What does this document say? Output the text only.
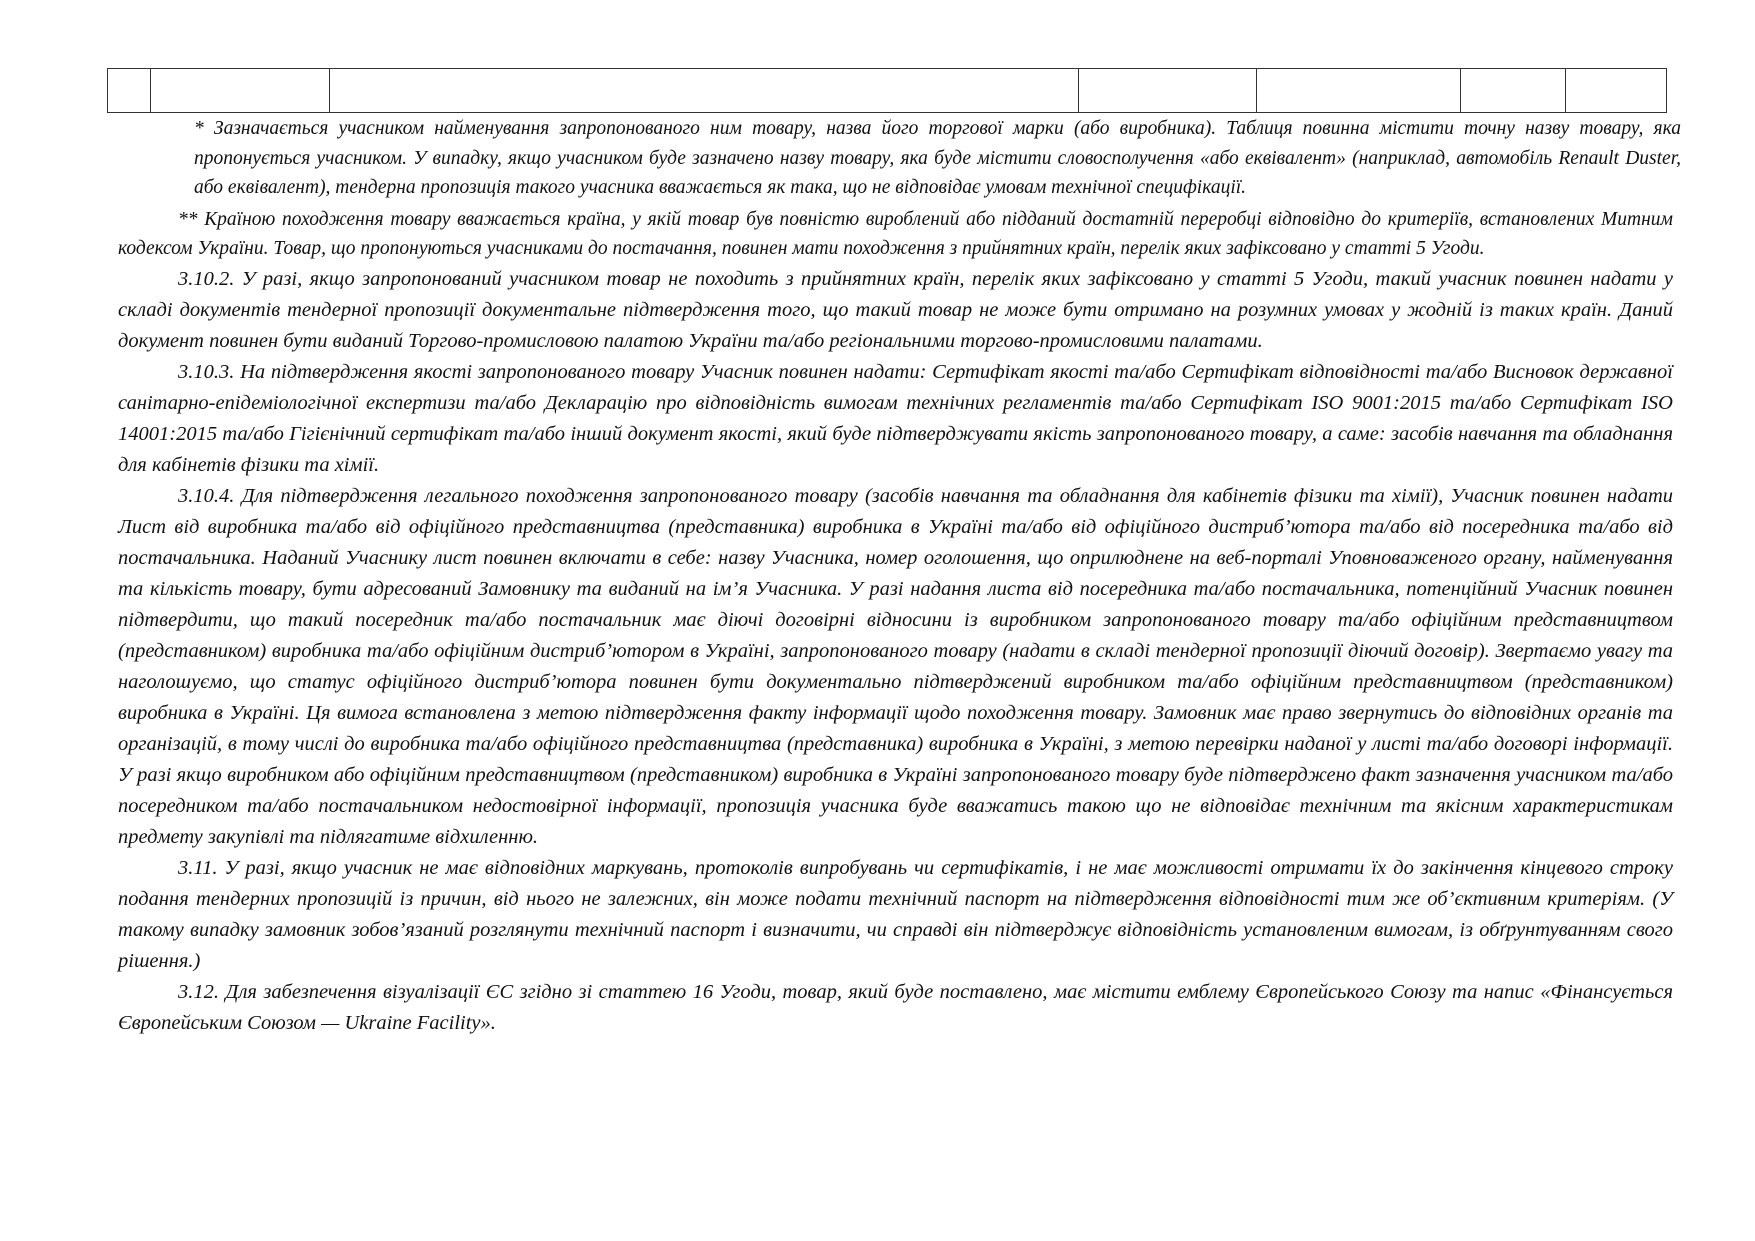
* Зазначається учасником найменування запропонованого ним товару, назва його торгової марки (або виробника). Таблиця повинна містити точну назву товару, яка пропонується учасником. У випадку, якщо учасником буде зазначено назву товару, яка буде містити словосполучення «або еквівалент» (наприклад, автомобіль Renault Duster, або еквівалент), тендерна пропозиція такого учасника вважається як така, що не відповідає умовам технічної специфікації.

** Країною походження товару вважається країна, у якій товар був повністю вироблений або підданий достатній переробці відповідно до критеріїв, встановлених Митним кодексом України. Товар, що пропонуються учасниками до постачання, повинен мати походження з прийнятних країн, перелік яких зафіксовано у статті 5 Угоди.

3.10.2. У разі, якщо запропонований учасником товар не походить з прийнятних країн, перелік яких зафіксовано у статті 5 Угоди, такий учасник повинен надати у складі документів тендерної пропозиції документальне підтвердження того, що такий товар не може бути отримано на розумних умовах у жодній із таких країн. Даний документ повинен бути виданий Торгово-промисловою палатою України та/або регіональними торгово-промисловими палатами.

3.10.3. На підтвердження якості запропонованого товару Учасник повинен надати: Сертифікат якості та/або Сертифікат відповідності та/або Висновок державної санітарно-епідеміологічної експертизи та/або Декларацію про відповідність вимогам технічних регламентів та/або Сертифікат ISO 9001:2015 та/або Сертифікат ISO 14001:2015 та/або Гігієнічний сертифікат та/або інший документ якості, який буде підтверджувати якість запропонованого товару, а саме: засобів навчання та обладнання для кабінетів фізики та хімії.

3.10.4. Для підтвердження легального походження запропонованого товару (засобів навчання та обладнання для кабінетів фізики та хімії), Учасник повинен надати Лист від виробника та/або від офіційного представництва (представника) виробника в Україні та/або від офіційного дистриб’ютора та/або від посередника та/або від постачальника. Наданий Учаснику лист повинен включати в себе: назву Учасника, номер оголошення, що оприлюднене на веб-порталі Уповноваженого органу, найменування та кількість товару, бути адресований Замовнику та виданий на ім’я Учасника. У разі надання листа від посередника та/або постачальника, потенційний Учасник повинен підтвердити, що такий посередник та/або постачальник має діючі договірні відносини із виробником запропонованого товару та/або офіційним представництвом (представником) виробника та/або офіційним дистриб’ютором в Україні, запропонованого товару (надати в складі тендерної пропозиції діючий договір). Звертаємо увагу та наголошуємо, що статус офіційного дистриб’ютора повинен бути документально підтверджений виробником та/або офіційним представництвом (представником) виробника в Україні. Ця вимога встановлена з метою підтвердження факту інформації щодо походження товару. Замовник має право звернутись до відповідних органів та організацій, в тому числі до виробника та/або офіційного представництва (представника) виробника в Україні, з метою перевірки наданої у листі та/або договорі інформації. У разі якщо виробником або офіційним представництвом (представником) виробника в Україні запропонованого товару буде підтверджено факт зазначення учасником та/або посередником та/або постачальником недостовірної інформації, пропозиція учасника буде вважатись такою що не відповідає технічним та якісним характеристикам предмету закупівлі та підлягатиме відхиленню.

3.11. У разі, якщо учасник не має відповідних маркувань, протоколів випробувань чи сертифікатів, і не має можливості отримати їх до закінчення кінцевого строку подання тендерних пропозицій із причин, від нього не залежних, він може подати технічний паспорт на підтвердження відповідності тим же об’єктивним критеріям. (У такому випадку замовник зобов’язаний розглянути технічний паспорт і визначити, чи справді він підтверджує відповідність установленим вимогам, із обґрунтуванням свого рішення.)

3.12. Для забезпечення візуалізації ЄС згідно зі статтею 16 Угоди, товар, який буде поставлено, має містити емблему Європейського Союзу та напис «Фінансується Європейським Союзом — Ukraine Facility».
